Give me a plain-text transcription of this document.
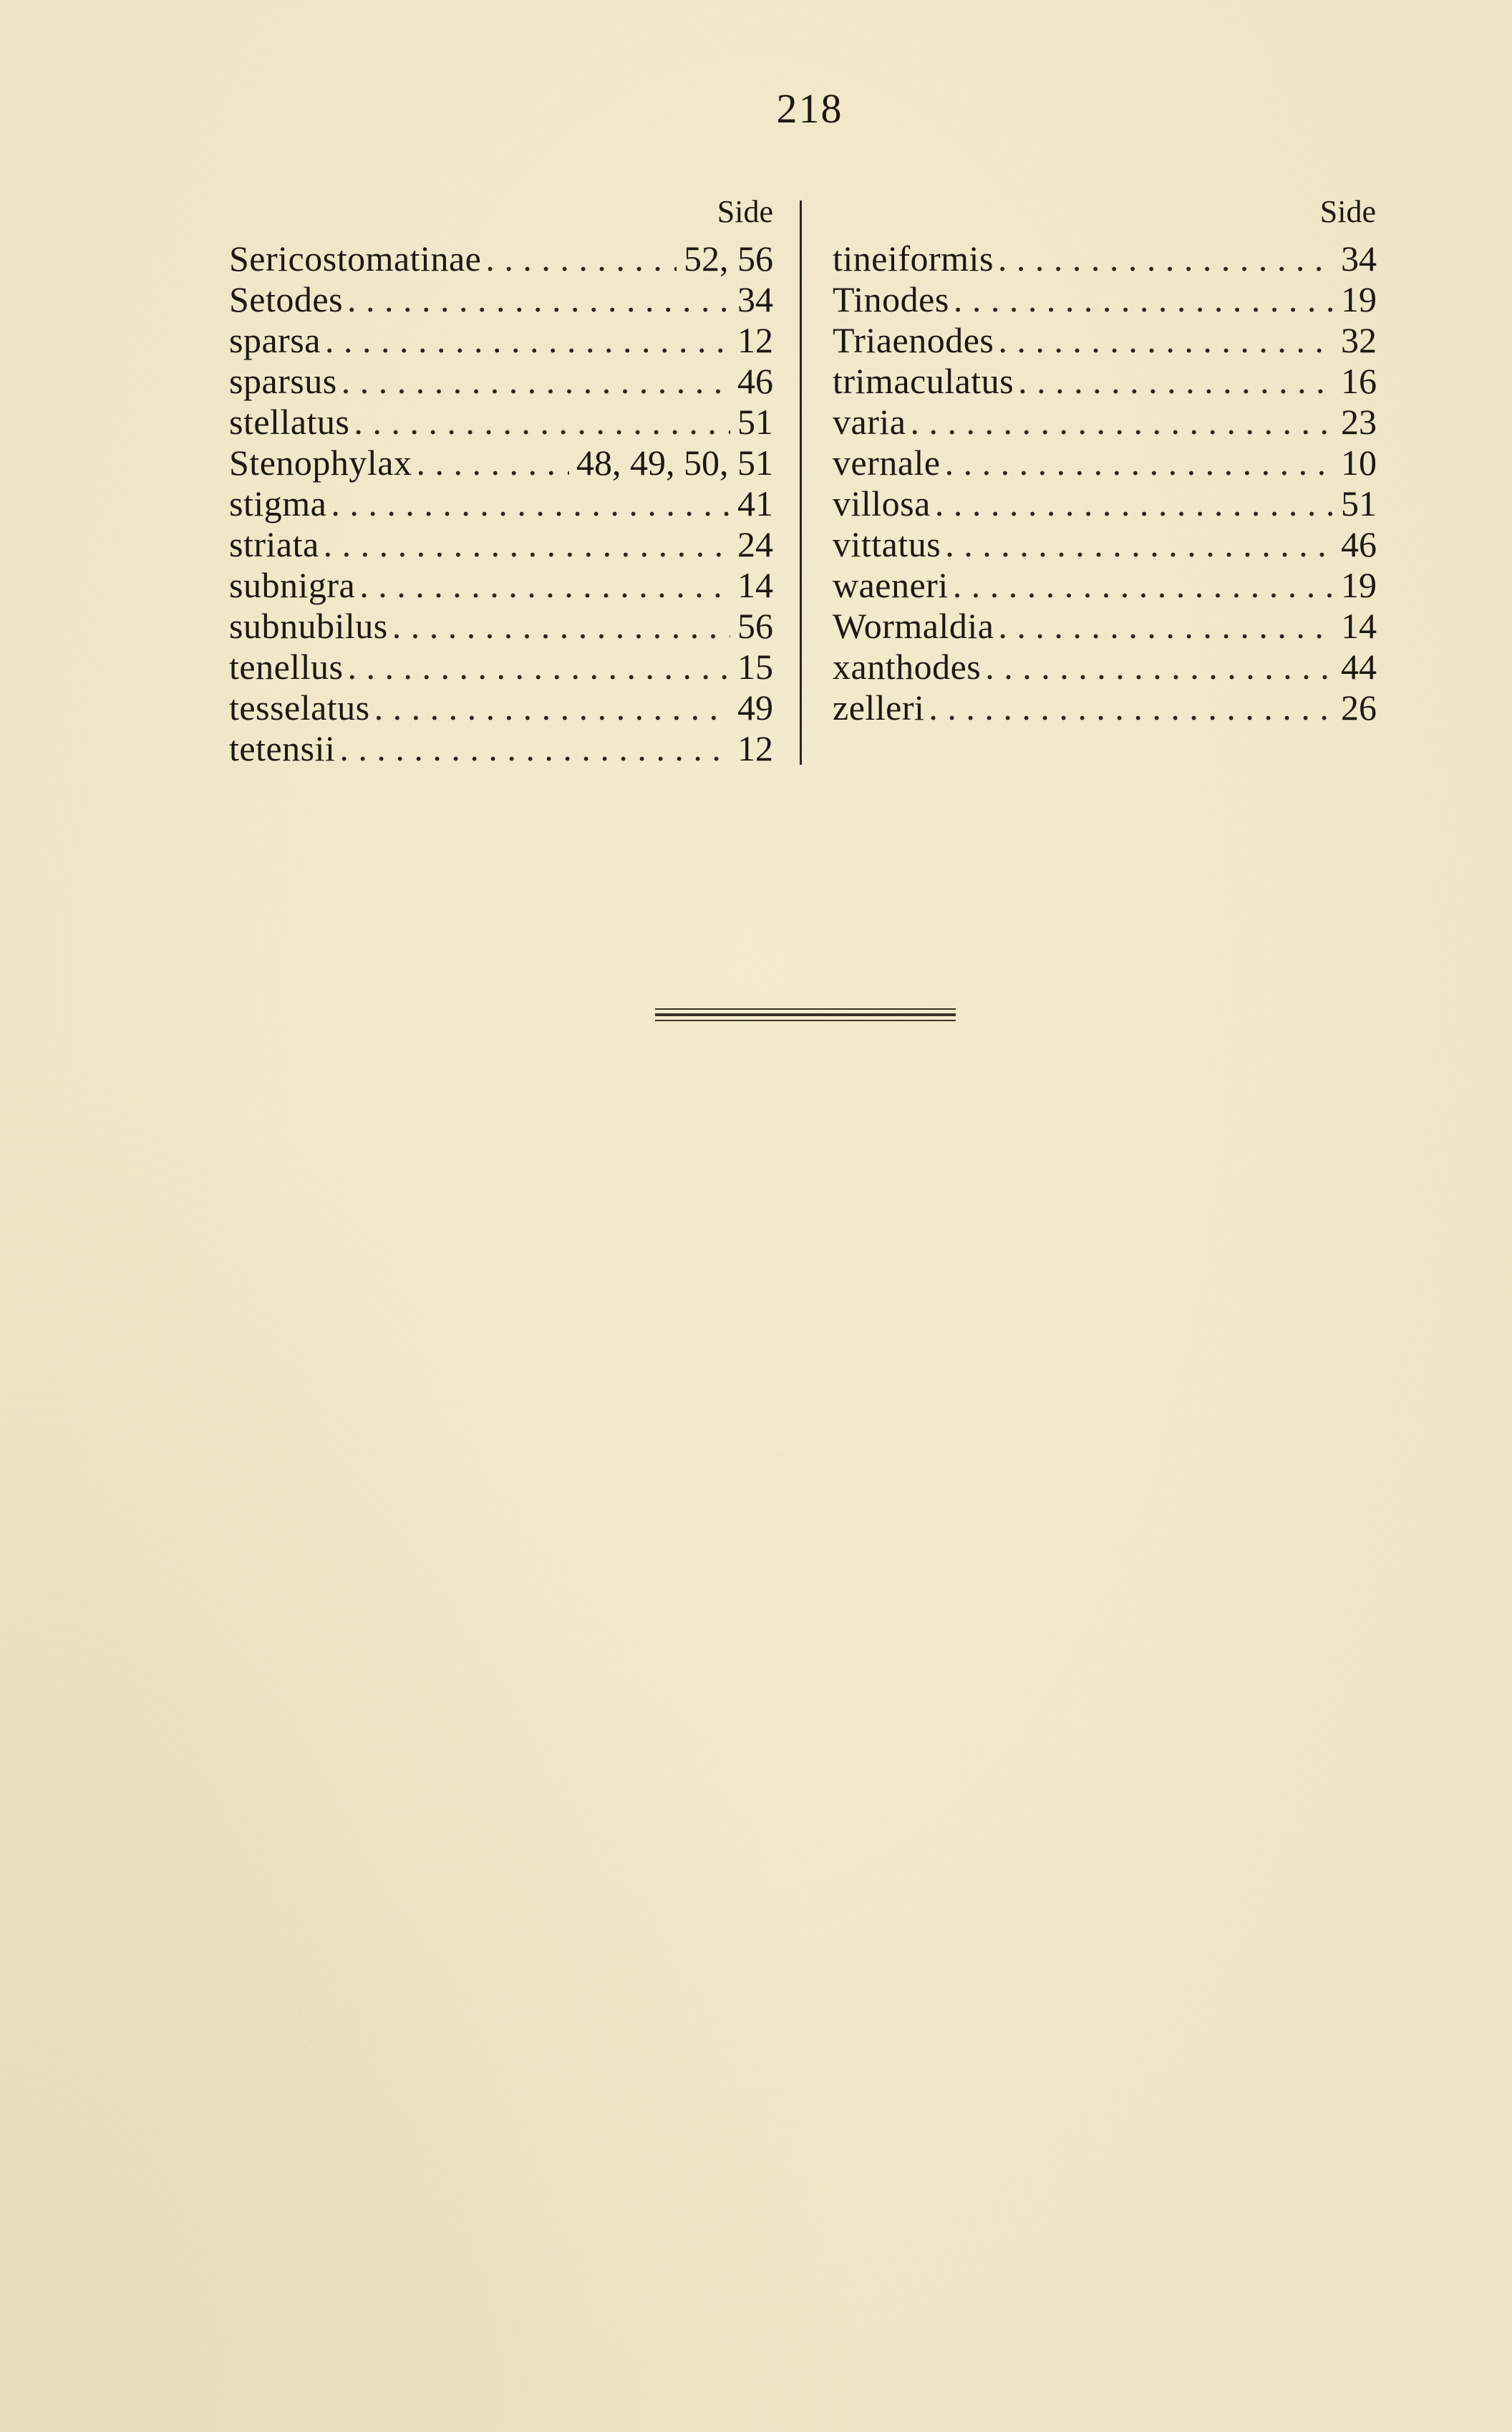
218
Side	Side
Sericostomatinae . . .	52, 56
Setodes . . .	34
sparsa . . .	12
sparsus . . .	46
stellatus . . .	51
Stenophylax . . .	48, 49, 50, 51
stigma . . .	41
striata . . .	24
subnigra . . .	14
subnubilus . . .	56
tenellus . . .	15
tesselatus . . .	49
tetensii . . .	12
tineiformis . . .	34
Tinodes . . .	19
Triaenodes . . .	32
trimaculatus . . .	16
varia . . .	23
vernale . . .	10
villosa . . .	51
vittatus . . .	46
waeneri . . .	19
Wormaldia . . .	14
xanthodes . . .	44
zelleri . . .	26
